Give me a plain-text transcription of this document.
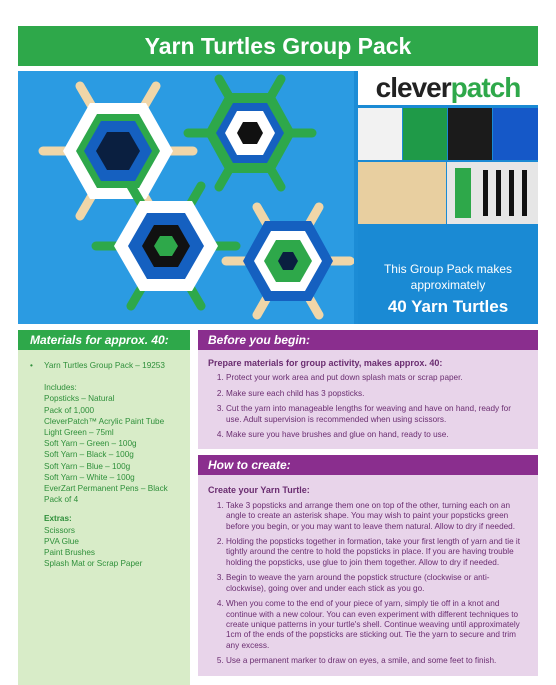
Yarn Turtles Group Pack
clever patch
This Group Pack makes
approximately
40 Yarn Turtles
Materials for approx. 40:
•	Yarn Turtles Group Pack – 19253
Includes:
Popsticks – Natural
Pack of 1,000
CleverPatch™ Acrylic Paint Tube
Light Green – 75ml
Soft Yarn – Green – 100g
Soft Yarn – Black – 100g
Soft Yarn – Blue – 100g
Soft Yarn – White – 100g
EverZart Permanent Pens – Black
Pack of 4
Extras:
Scissors
PVA Glue
Paint Brushes
Splash Mat or Scrap Paper
Before you begin:
Prepare materials for group activity, makes approx. 40:
1. Protect your work area and put down splash mats or scrap paper.
2. Make sure each child has 3 popsticks.
3. Cut the yarn into manageable lengths for weaving and have on hand, ready for use. Adult supervision is recommended when using scissors.
4. Make sure you have brushes and glue on hand, ready to use.
How to create:
Create your Yarn Turtle:
1. Take 3 popsticks and arrange them one on top of the other, turning each on an angle to create an asterisk shape. You may wish to paint your popsticks green before you begin, or you may want to leave them natural. Allow to dry if needed.
2. Holding the popsticks together in formation, take your first length of yarn and tie it tightly around the centre to hold the popsticks in place. If you are having trouble holding the popsticks, use glue to join them together. Allow to dry if needed.
3. Begin to weave the yarn around the popstick structure (clockwise or anti-clockwise), going over and under each stick as you go.
4. When you come to the end of your piece of yarn, simply tie off in a knot and continue with a new colour. You can even experiment with different techniques to create unique patterns in your turtle's shell. Continue weaving until approximately 1cm of the ends of the popsticks are sticking out. Tie the yarn to secure and trim any excess.
5. Use a permanent marker to draw on eyes, a smile, and some feet to finish.
